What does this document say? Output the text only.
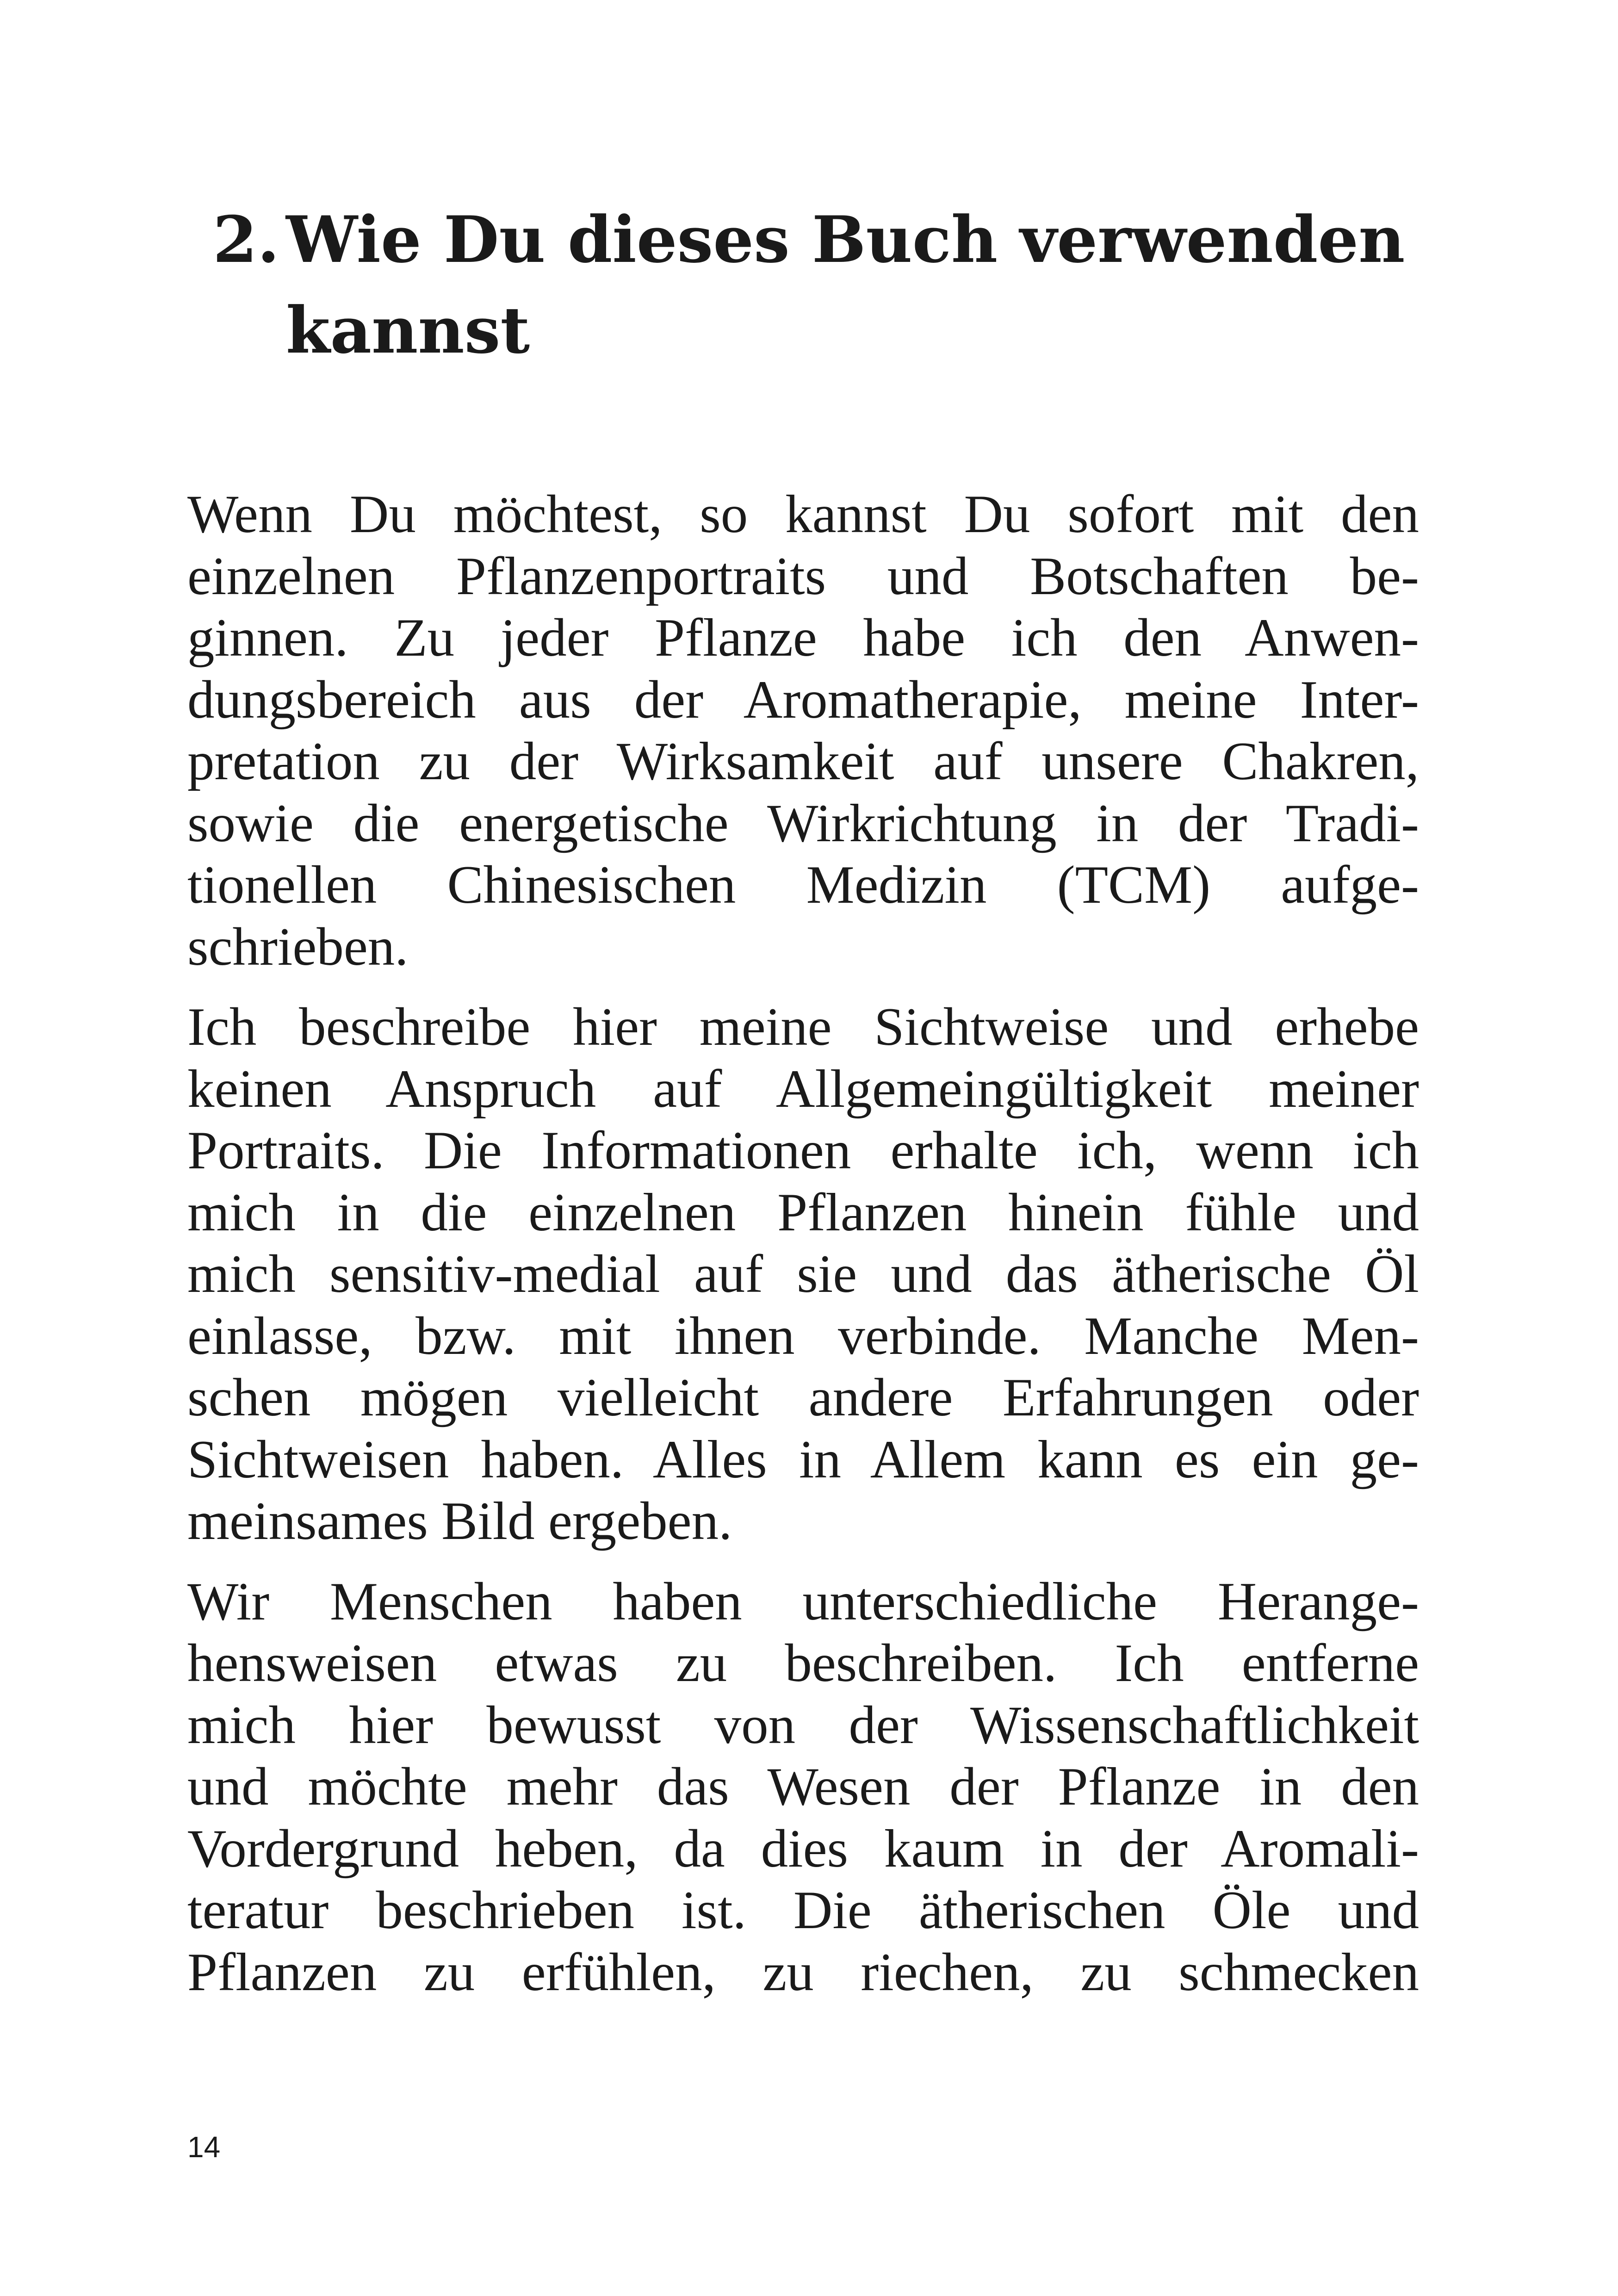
2. Wie Du dieses Buch verwenden kannst

Wenn Du möchtest, so kannst Du sofort mit den
einzelnen Pflanzenportraits und Botschaften be-
ginnen. Zu jeder Pflanze habe ich den Anwen-
dungsbereich aus der Aromatherapie, meine Inter-
pretation zu der Wirksamkeit auf unsere Chakren,
sowie die energetische Wirkrichtung in der Tradi-
tionellen Chinesischen Medizin (TCM) aufge-
schrieben.

Ich beschreibe hier meine Sichtweise und erhebe
keinen Anspruch auf Allgemeingültigkeit meiner
Portraits. Die Informationen erhalte ich, wenn ich
mich in die einzelnen Pflanzen hinein fühle und
mich sensitiv-medial auf sie und das ätherische Öl
einlasse, bzw. mit ihnen verbinde. Manche Men-
schen mögen vielleicht andere Erfahrungen oder
Sichtweisen haben. Alles in Allem kann es ein ge-
meinsames Bild ergeben.

Wir Menschen haben unterschiedliche Herange-
hensweisen etwas zu beschreiben. Ich entferne
mich hier bewusst von der Wissenschaftlichkeit
und möchte mehr das Wesen der Pflanze in den
Vordergrund heben, da dies kaum in der Aromali-
teratur beschrieben ist. Die ätherischen Öle und
Pflanzen zu erfühlen, zu riechen, zu schmecken

14
